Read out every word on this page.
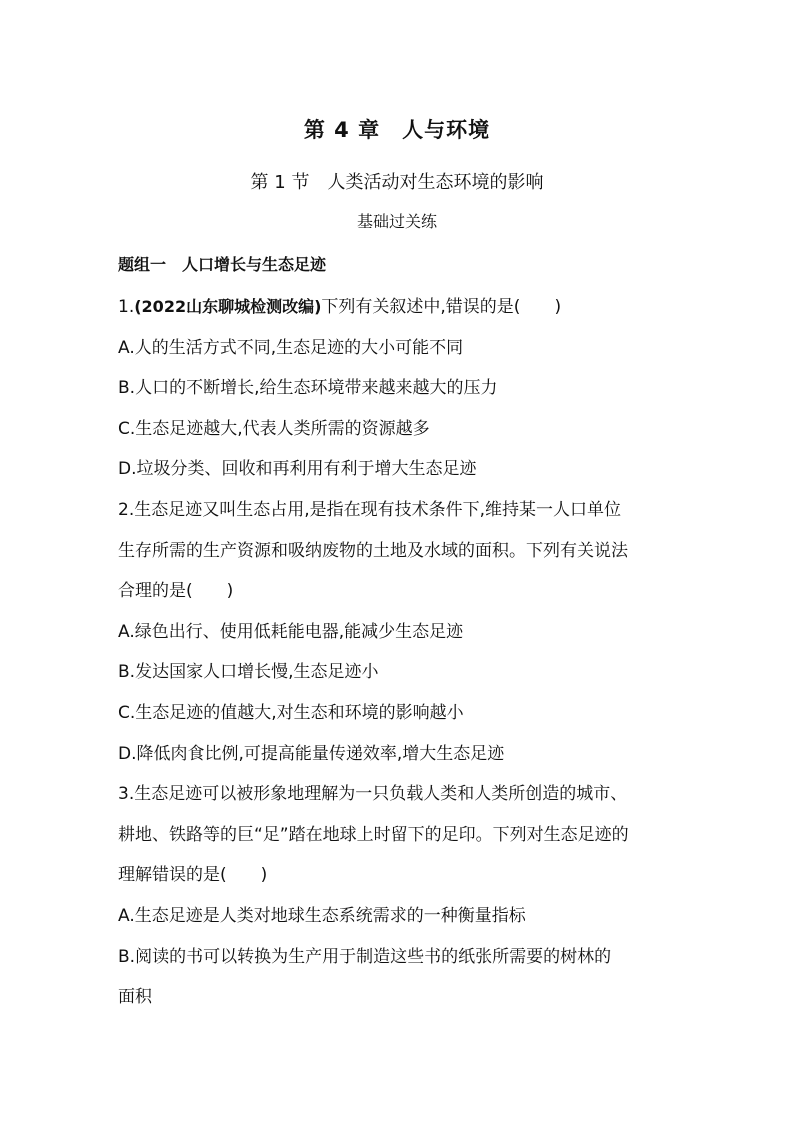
第 4 章　人与环境
第 1 节　人类活动对生态环境的影响
基础过关练
题组一　人口增长与生态足迹
1.(2022山东聊城检测改编)下列有关叙述中,错误的是(　　)
A.人的生活方式不同,生态足迹的大小可能不同
B.人口的不断增长,给生态环境带来越来越大的压力
C.生态足迹越大,代表人类所需的资源越多
D.垃圾分类、回收和再利用有利于增大生态足迹
2.生态足迹又叫生态占用,是指在现有技术条件下,维持某一人口单位
生存所需的生产资源和吸纳废物的土地及水域的面积。下列有关说法
合理的是(　　)
A.绿色出行、使用低耗能电器,能减少生态足迹
B.发达国家人口增长慢,生态足迹小
C.生态足迹的值越大,对生态和环境的影响越小
D.降低肉食比例,可提高能量传递效率,增大生态足迹
3.生态足迹可以被形象地理解为一只负载人类和人类所创造的城市、
耕地、铁路等的巨“足”踏在地球上时留下的足印。下列对生态足迹的
理解错误的是(　　)
A.生态足迹是人类对地球生态系统需求的一种衡量指标
B.阅读的书可以转换为生产用于制造这些书的纸张所需要的树林的
面积
